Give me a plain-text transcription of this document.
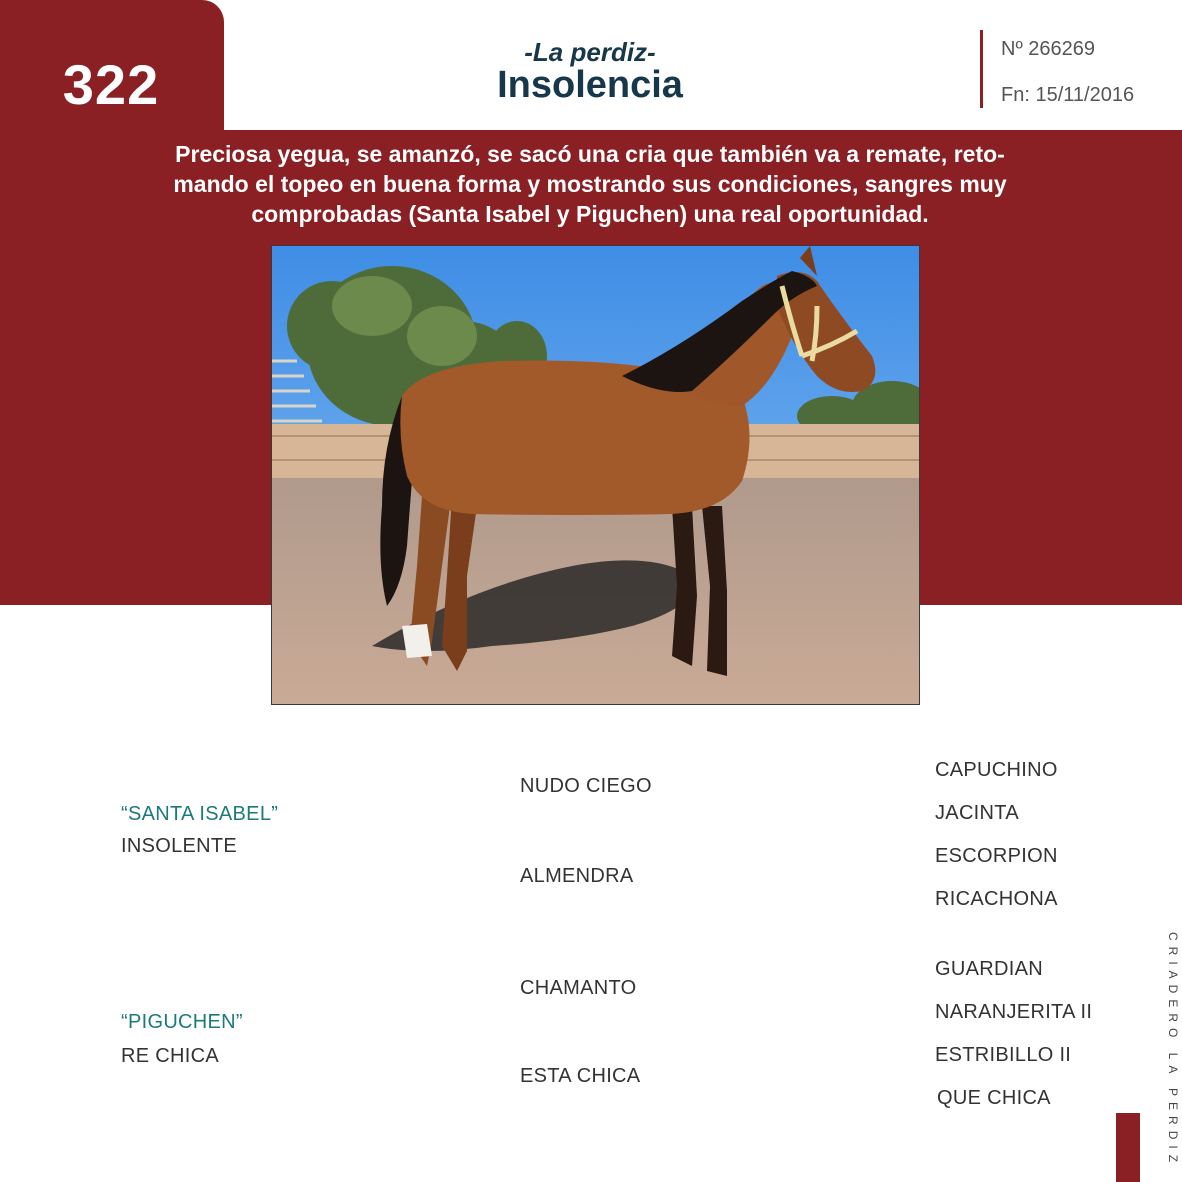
322
-La perdiz-
Insolencia
Nº 266269
Fn: 15/11/2016
Preciosa yegua, se amanzó, se sacó una cria que también va a remate, reto-
mando el topeo en buena forma y mostrando sus condiciones, sangres muy
comprobadas (Santa Isabel y Piguchen) una real oportunidad.
“SANTA ISABEL”
INSOLENTE
“PIGUCHEN”
RE CHICA
NUDO CIEGO
ALMENDRA
CHAMANTO
ESTA CHICA
CAPUCHINO
JACINTA
ESCORPION
RICACHONA
GUARDIAN
NARANJERITA II
ESTRIBILLO II
QUE CHICA	CRIADERO LA PERDIZ
